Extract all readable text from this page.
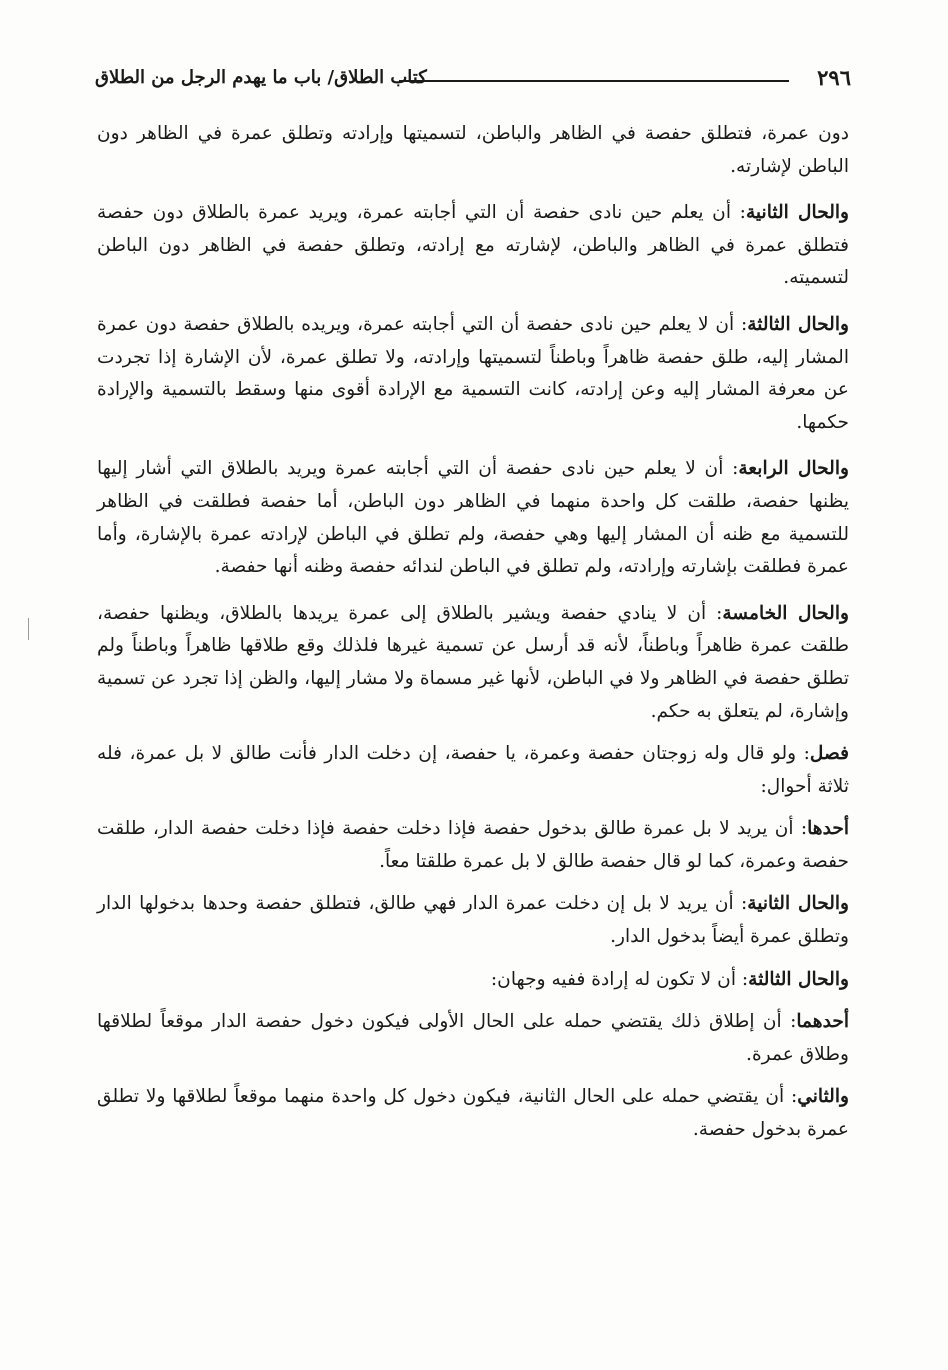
٢٩٦
كتاب الطلاق/ باب ما يهدم الرجل من الطلاق

دون عمرة، فتطلق حفصة في الظاهر والباطن، لتسميتها وإرادته وتطلق عمرة في الظاهر دون الباطن لإشارته.

والحال الثانية: أن يعلم حين نادى حفصة أن التي أجابته عمرة، ويريد عمرة بالطلاق دون حفصة فتطلق عمرة في الظاهر والباطن، لإشارته مع إرادته، وتطلق حفصة في الظاهر دون الباطن لتسميته.

والحال الثالثة: أن لا يعلم حين نادى حفصة أن التي أجابته عمرة، ويريده بالطلاق حفصة دون عمرة المشار إليه، طلق حفصة ظاهراً وباطناً لتسميتها وإرادته، ولا تطلق عمرة، لأن الإشارة إذا تجردت عن معرفة المشار إليه وعن إرادته، كانت التسمية مع الإرادة أقوى منها وسقط بالتسمية والإرادة حكمها.

والحال الرابعة: أن لا يعلم حين نادى حفصة أن التي أجابته عمرة ويريد بالطلاق التي أشار إليها يظنها حفصة، طلقت كل واحدة منهما في الظاهر دون الباطن، أما حفصة فطلقت في الظاهر للتسمية مع ظنه أن المشار إليها وهي حفصة، ولم تطلق في الباطن لإرادته عمرة بالإشارة، وأما عمرة فطلقت بإشارته وإرادته، ولم تطلق في الباطن لندائه حفصة وظنه أنها حفصة.

والحال الخامسة: أن لا ينادي حفصة ويشير بالطلاق إلى عمرة يريدها بالطلاق، ويظنها حفصة، طلقت عمرة ظاهراً وباطناً، لأنه قد أرسل عن تسمية غيرها فلذلك وقع طلاقها ظاهراً وباطناً ولم تطلق حفصة في الظاهر ولا في الباطن، لأنها غير مسماة ولا مشار إليها، والظن إذا تجرد عن تسمية وإشارة، لم يتعلق به حكم.

فصل: ولو قال وله زوجتان حفصة وعمرة، يا حفصة، إن دخلت الدار فأنت طالق لا بل عمرة، فله ثلاثة أحوال:

أحدها: أن يريد لا بل عمرة طالق بدخول حفصة فإذا دخلت حفصة فإذا دخلت حفصة الدار، طلقت حفصة وعمرة، كما لو قال حفصة طالق لا بل عمرة طلقتا معاً.

والحال الثانية: أن يريد لا بل إن دخلت عمرة الدار فهي طالق، فتطلق حفصة وحدها بدخولها الدار وتطلق عمرة أيضاً بدخول الدار.

والحال الثالثة: أن لا تكون له إرادة ففيه وجهان:

أحدهما: أن إطلاق ذلك يقتضي حمله على الحال الأولى فيكون دخول حفصة الدار موقعاً لطلاقها وطلاق عمرة.

والثاني: أن يقتضي حمله على الحال الثانية، فيكون دخول كل واحدة منهما موقعاً لطلاقها ولا تطلق عمرة بدخول حفصة.
